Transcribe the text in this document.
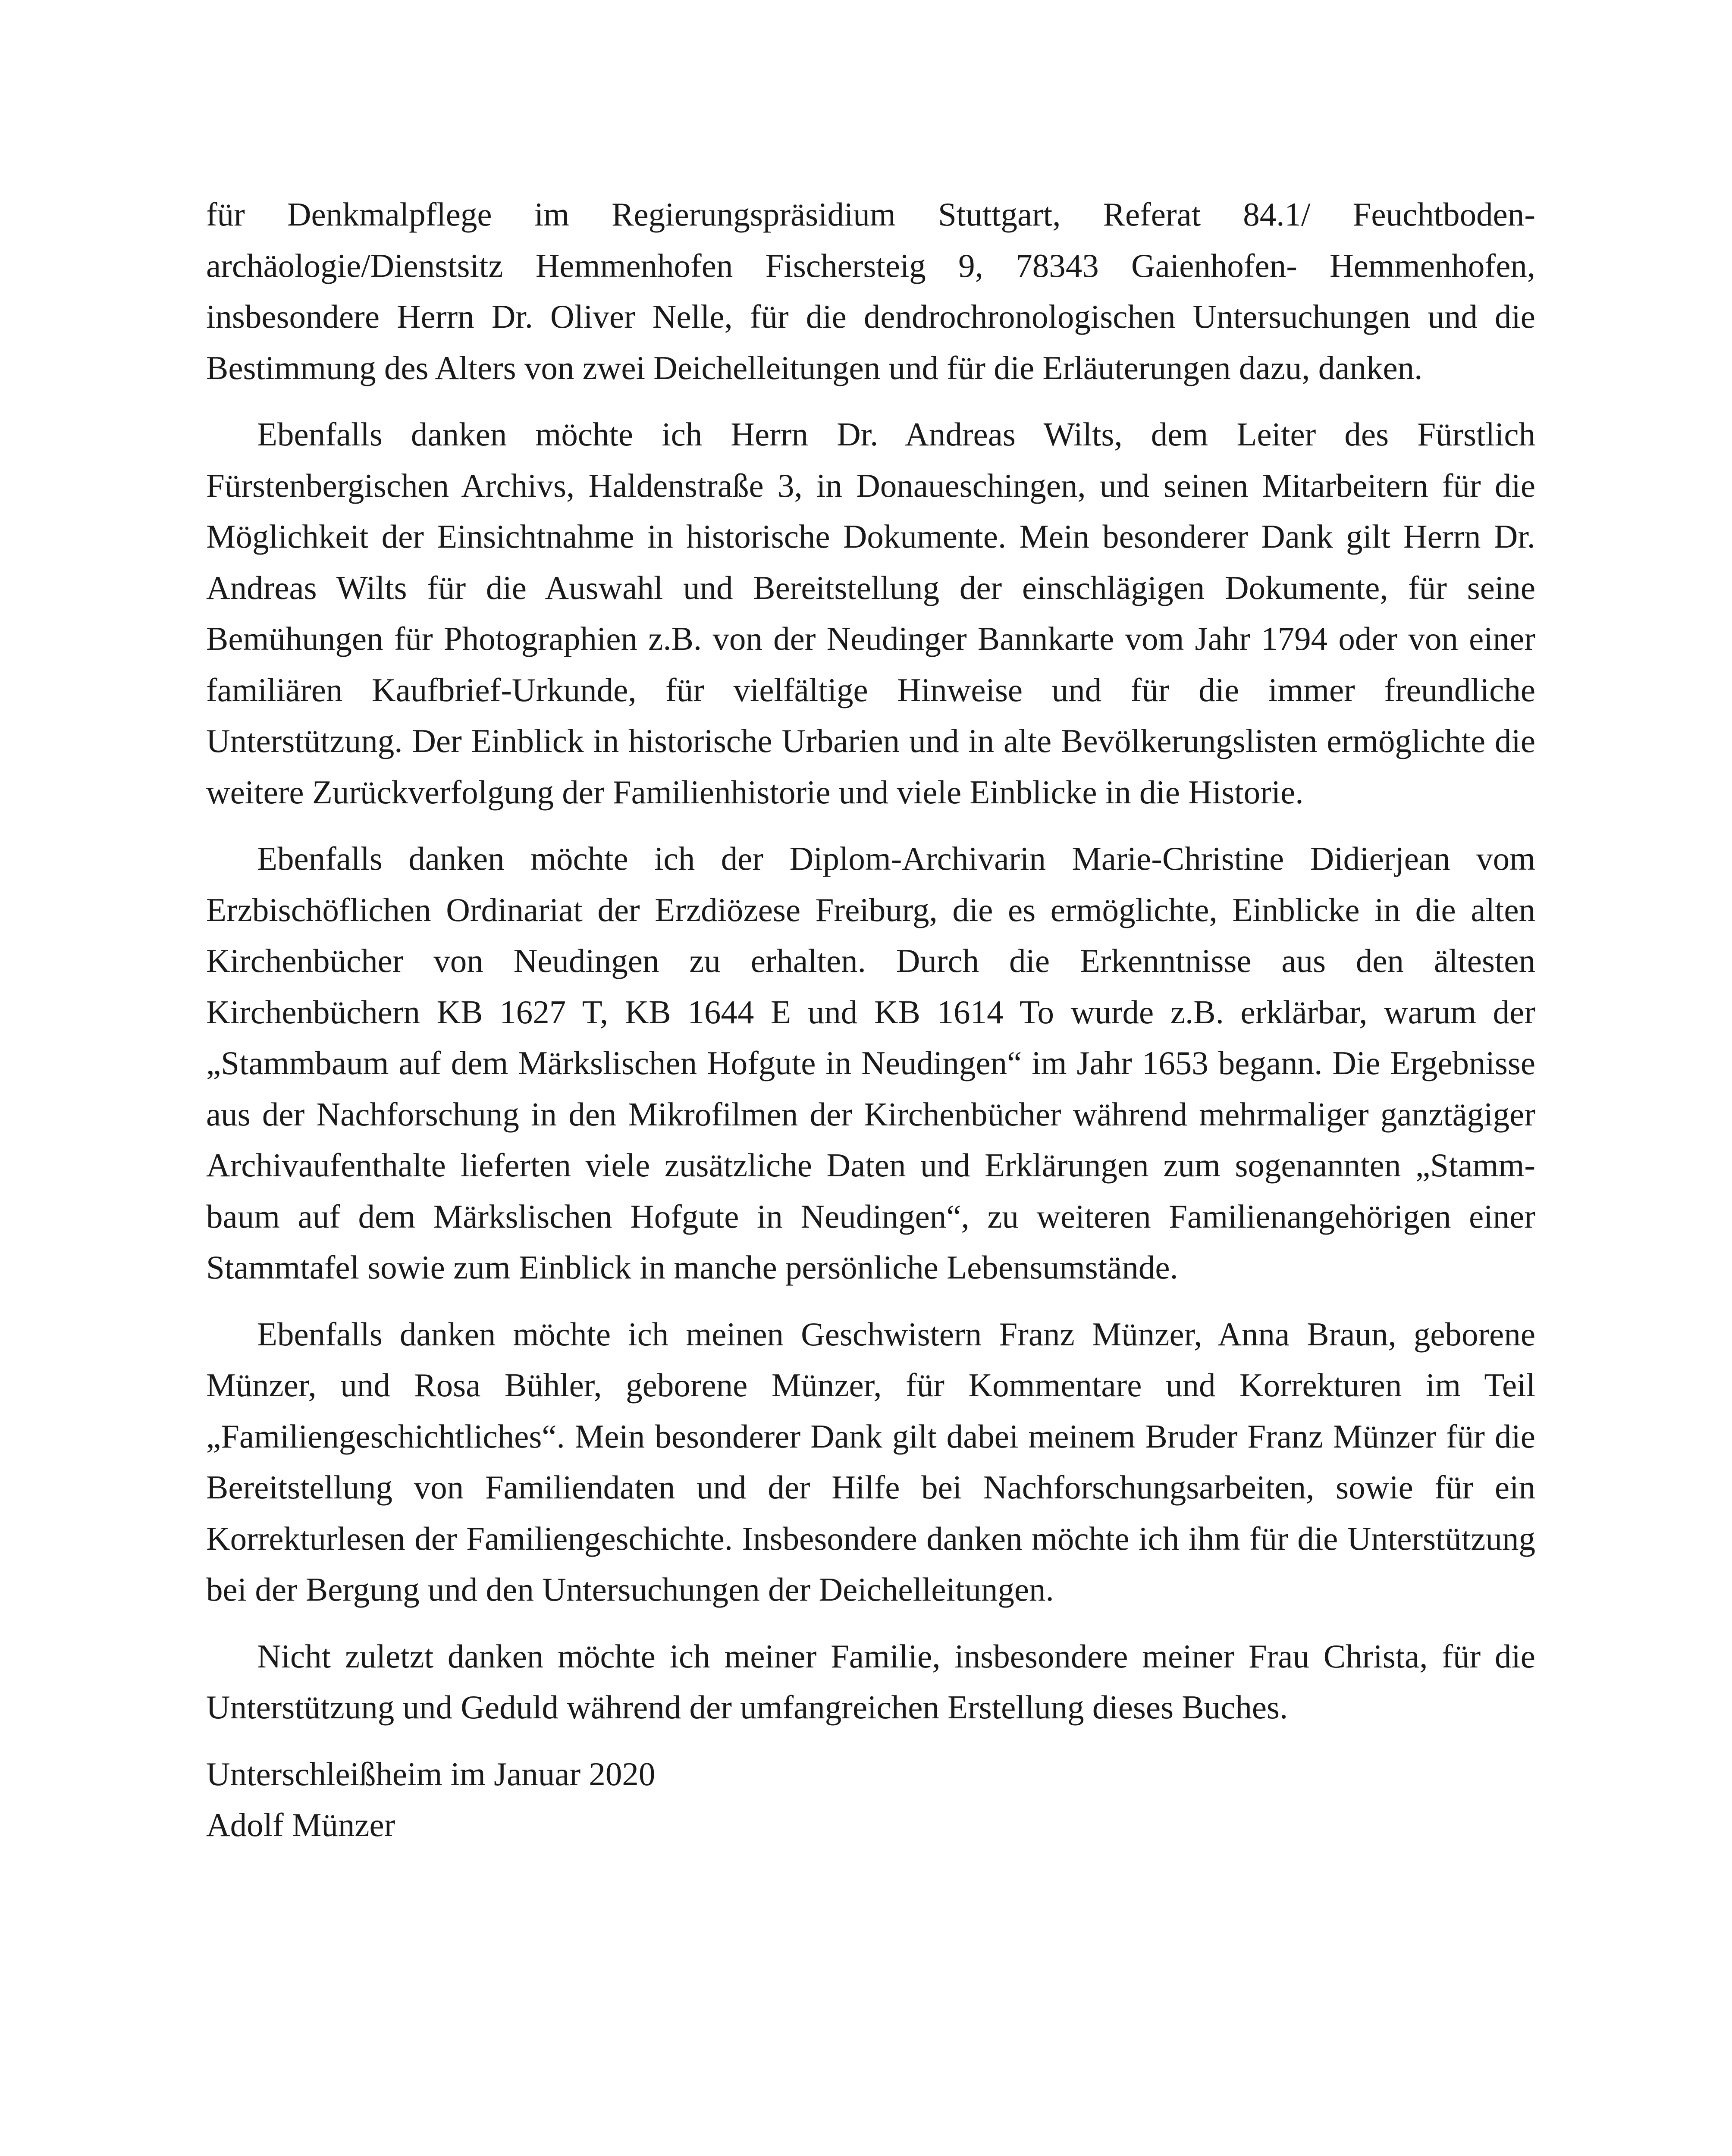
für Denkmalpflege im Regierungspräsidium Stuttgart, Referat 84.1/ Feuchtbodenarchäologie/Dienstsitz Hemmenhofen Fischersteig 9, 78343 Gaienhofen- Hemmenhofen, insbesondere Herrn Dr. Oliver Nelle, für die dendrochronologischen Untersuchungen und die Bestimmung des Alters von zwei Deichelleitungen und für die Erläuterungen dazu, danken.

Ebenfalls danken möchte ich Herrn Dr. Andreas Wilts, dem Leiter des Fürstlich Fürstenbergischen Archivs, Haldenstraße 3, in Donaueschingen, und seinen Mitarbeitern für die Möglichkeit der Einsichtnahme in historische Dokumente. Mein besonderer Dank gilt Herrn Dr. Andreas Wilts für die Auswahl und Bereitstellung der einschlägigen Dokumente, für seine Bemühungen für Photographien z.B. von der Neudinger Bannkarte vom Jahr 1794 oder von einer familiären Kaufbrief-Urkunde, für vielfältige Hinweise und für die immer freundliche Unterstützung. Der Einblick in historische Urbarien und in alte Bevölkerungslisten ermöglichte die weitere Zurückverfolgung der Familienhistorie und viele Einblicke in die Historie.

Ebenfalls danken möchte ich der Diplom-Archivarin Marie-Christine Didierjean vom Erzbischöflichen Ordinariat der Erzdiözese Freiburg, die es ermöglichte, Einblicke in die alten Kirchenbücher von Neudingen zu erhalten. Durch die Erkenntnisse aus den ältesten Kirchenbüchern KB 1627 T, KB 1644 E und KB 1614 To wurde z.B. erklärbar, warum der „Stammbaum auf dem Märkslischen Hofgute in Neudingen“ im Jahr 1653 begann. Die Ergebnisse aus der Nachforschung in den Mikrofilmen der Kirchenbücher während mehrmaliger ganztägiger Archivaufenthalte lieferten viele zusätzliche Daten und Erklärungen zum sogenannten „Stammbaum auf dem Märkslischen Hofgute in Neudingen“, zu weiteren Familienangehörigen einer Stammtafel sowie zum Einblick in manche persönliche Lebensumstände.

Ebenfalls danken möchte ich meinen Geschwistern Franz Münzer, Anna Braun, geborene Münzer, und Rosa Bühler, geborene Münzer, für Kommentare und Korrekturen im Teil „Familiengeschichtliches“. Mein besonderer Dank gilt dabei meinem Bruder Franz Münzer für die Bereitstellung von Familiendaten und der Hilfe bei Nachforschungsarbeiten, sowie für ein Korrekturlesen der Familiengeschichte. Insbesondere danken möchte ich ihm für die Unterstützung bei der Bergung und den Untersuchungen der Deichelleitungen.

Nicht zuletzt danken möchte ich meiner Familie, insbesondere meiner Frau Christa, für die Unterstützung und Geduld während der umfangreichen Erstellung dieses Buches.

Unterschleißheim im Januar 2020
Adolf Münzer
